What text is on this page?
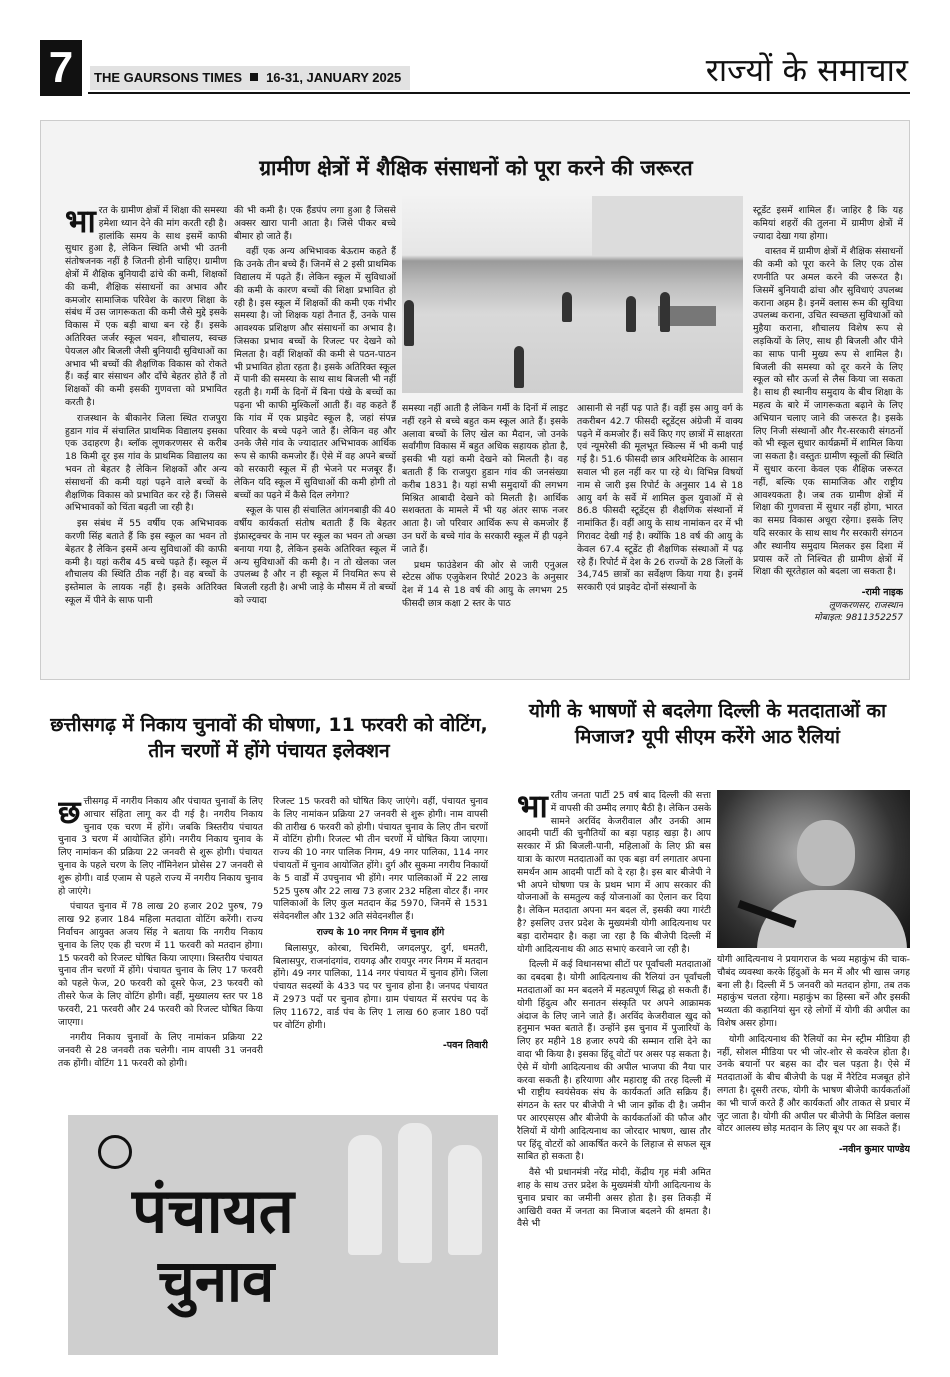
7	THE GAURSONS TIMES 16-31, JANUARY 2025	राज्यों के समाचार
ग्रामीण क्षेत्रों में शैक्षिक संसाधनों को पूरा करने की जरूरत

भारत के ग्रामीण क्षेत्रों में शिक्षा की समस्या हमेशा ध्यान देने की मांग करती रही है। हालांकि समय के साथ इसमें काफी सुधार हुआ है, लेकिन स्थिति अभी भी उतनी संतोषजनक नहीं है जितनी होनी चाहिए। ग्रामीण क्षेत्रों में शैक्षिक बुनियादी ढांचे की कमी, शिक्षकों की कमी, शैक्षिक संसाधनों का अभाव और कमजोर सामाजिक परिवेश के कारण शिक्षा के संबंध में उस जागरूकता की कमी जैसे मुद्दे इसके विकास में एक बड़ी बाधा बन रहे हैं। इसके अतिरिक्त जर्जर स्कूल भवन, शौचालय, स्वच्छ पेयजल और बिजली जैसी बुनियादी सुविधाओं का अभाव भी बच्चों की शैक्षणिक विकास को रोकते हैं। कई बार संसाधन और दाँचे बेहतर होते हैं तो शिक्षकों की कमी इसकी गुणवत्ता को प्रभावित करती है।

राजस्थान के बीकानेर जिला स्थित राजपुरा हुडान गांव में संचालित प्राथमिक विद्यालय इसका एक उदाहरण है। ब्लॉक लूणकरणसर से करीब 18 किमी दूर इस गांव के प्राथमिक विद्यालय का भवन तो बेहतर है लेकिन शिक्षकों और अन्य संसाधनों की कमी यहां पढ़ने वाले बच्चों के शैक्षणिक विकास को प्रभावित कर रहे हैं। जिससे अभिभावकों को चिंता बढ़ती जा रही है।

इस संबंध में 55 वर्षीय एक अभिभावक करणी सिंह बताते हैं कि इस स्कूल का भवन तो बेहतर है लेकिन इसमें अन्य सुविधाओं की काफी कमी है। यहां करीब 45 बच्चे पढ़ते हैं। स्कूल में शौचालय की स्थिति ठीक नहीं है। वह बच्चों के इस्तेमाल के लायक नहीं है। इसके अतिरिक्त स्कूल में पीने के साफ पानी

की भी कमी है। एक हैंडपंप लगा हुआ है जिससे अक्सर खारा पानी आता है। जिसे पीकर बच्चे बीमार हो जाते हैं।

वहीं एक अन्य अभिभावक बेऊराम कहते हैं कि उनके तीन बच्चे हैं। जिनमें से 2 इसी प्राथमिक विद्यालय में पढ़ते हैं। लेकिन स्कूल में सुविधाओं की कमी के कारण बच्चों की शिक्षा प्रभावित हो रही है। इस स्कूल में शिक्षकों की कमी एक गंभीर समस्या है। जो शिक्षक यहां तैनात हैं, उनके पास आवश्यक प्रशिक्षण और संसाधनों का अभाव है। जिसका प्रभाव बच्चों के रिजल्ट पर देखने को मिलता है। वहीं शिक्षकों की कमी से पठन-पाठन भी प्रभावित होता रहता है। इसके अतिरिक्त स्कूल में पानी की समस्या के साथ साथ बिजली भी नहीं रहती है। गर्मी के दिनों में बिना पंखे के बच्चों का पढ़ना भी काफी मुश्किलों आती हैं। वह कहते हैं कि गांव में एक प्राइवेट स्कूल है, जहां संपन्न परिवार के बच्चे पढ़ने जाते हैं। लेकिन वह और उनके जैसे गांव के ज्यादातर अभिभावक आर्थिक रूप से काफी कमजोर हैं। ऐसे में वह अपने बच्चों को सरकारी स्कूल में ही भेजने पर मजबूर हैं। लेकिन यदि स्कूल में सुविधाओं की कमी होगी तो बच्चों का पढ़ने में कैसे दिल लगेगा?

स्कूल के पास ही संचालित आंगनबाड़ी की 40 वर्षीय कार्यकर्ता संतोष बताती हैं कि बेहतर इंफ्रास्ट्रक्चर के नाम पर स्कूल का भवन तो अच्छा बनाया गया है, लेकिन इसके अतिरिक्त स्कूल में अन्य सुविधाओं की कमी है। न तो खेलका जल उपलब्ध है और न ही स्कूल में नियमित रूप से बिजली रहती है। अभी जाड़े के मौसम में तो बच्चों को ज्यादा

समस्या नहीं आती है लेकिन गर्मी के दिनों में लाइट नहीं रहने से बच्चे बहुत कम स्कूल आते हैं। इसके अलावा बच्चों के लिए खेल का मैदान, जो उनके सर्वांगीण विकास में बहुत अधिक सहायक होता है, इसकी भी यहां कमी देखने को मिलती है। वह बताती हैं कि राजपुरा हुडान गांव की जनसंख्या करीब 1831 है। यहां सभी समुदायों की लगभग मिश्रित आबादी देखने को मिलती है। आर्थिक सशक्तता के मामले में भी यह अंतर साफ नजर आता है। जो परिवार आर्थिक रूप से कमजोर हैं उन घरों के बच्चे गांव के सरकारी स्कूल में ही पढ़ने जाते हैं।

प्रथम फाउंडेशन की ओर से जारी एनुअल स्टेटस ऑफ एजुकेशन रिपोर्ट 2023 के अनुसार देश में 14 से 18 वर्ष की आयु के लगभग 25 फीसदी छात्र कक्षा 2 स्तर के पाठ

आसानी से नहीं पढ़ पाते हैं। वहीं इस आयु वर्ग के तकरीबन 42.7 फीसदी स्टूडेंट्स अंग्रेजी में वाक्य पढ़ने में कमजोर हैं। सर्वे किए गए छात्रों में साक्षरता एवं न्यूमरेसी की मूलभूत स्किल्स में भी कमी पाई गई है। 51.6 फीसदी छात्र अरिथमेटिक के आसान सवाल भी हल नहीं कर पा रहे थे। विभिन्न विषयों नाम से जारी इस रिपोर्ट के अनुसार 14 से 18 आयु वर्ग के सर्वे में शामिल कुल युवाओं में से 86.8 फीसदी स्टूडेंट्स ही शैक्षणिक संस्थानों में नामांकित हैं। वहीं आयु के साथ नामांकन दर में भी गिरावट देखी गई है। क्योंकि 18 वर्ष की आयु के केवल 67.4 स्टूडेंट ही शैक्षणिक संस्थाओं में पढ़ रहे हैं। रिपोर्ट में देश के 26 राज्यों के 28 जिलों के 34,745 छात्रों का सर्वेक्षण किया गया है। इनमें सरकारी एवं प्राइवेट दोनों संस्थानों के

स्टूडेंट इसमें शामिल हैं। जाहिर है कि यह कमियां शहरों की तुलना में ग्रामीण क्षेत्रों में ज्यादा देखा गया होगा।

वास्तव में ग्रामीण क्षेत्रों में शैक्षिक संसाधनों की कमी को पूरा करने के लिए एक ठोस रणनीति पर अमल करने की जरूरत है। जिसमें बुनियादी ढांचा और सुविधाएं उपलब्ध कराना अहम है। इनमें क्लास रूम की सुविधा उपलब्ध कराना, उचित स्वच्छता सुविधाओं को मुहैया कराना, शौचालय विशेष रूप से लड़कियों के लिए, साथ ही बिजली और पीने का साफ पानी मुख्य रूप से शामिल है। बिजली की समस्या को दूर करने के लिए स्कूल को सौर ऊर्जा से लैस किया जा सकता है। साथ ही स्थानीय समुदाय के बीच शिक्षा के महत्व के बारे में जागरूकता बढ़ाने के लिए अभियान चलाए जाने की जरूरत है। इसके लिए निजी संस्थानों और गैर-सरकारी संगठनों को भी स्कूल सुधार कार्यक्रमों में शामिल किया जा सकता है। वस्तुतः ग्रामीण स्कूलों की स्थिति में सुधार करना केवल एक शैक्षिक जरूरत नहीं, बल्कि एक सामाजिक और राष्ट्रीय आवश्यकता है। जब तक ग्रामीण क्षेत्रों में शिक्षा की गुणवत्ता में सुधार नहीं होगा, भारत का समग्र विकास अधूरा रहेगा। इसके लिए यदि सरकार के साथ साथ गैर सरकारी संगठन और स्थानीय समुदाय मिलकर इस दिशा में प्रयास करें तो निश्चित ही ग्रामीण क्षेत्रों में शिक्षा की सूरतेहाल को बदला जा सकता है।

-रामी नाइक
लूणकरणसर, राजस्थान
मोबाइल: 9811352257
छत्तीसगढ़ में निकाय चुनावों की घोषणा, 11 फरवरी को वोटिंग, तीन चरणों में होंगे पंचायत इलेक्शन

छत्तीसगढ़ में नगरीय निकाय और पंचायत चुनावों के लिए आचार संहिता लागू कर दी गई है। नगरीय निकाय चुनाव एक चरण में होंगे। जबकि त्रिस्तरीय पंचायत चुनाव 3 चरण में आयोजित होंगे। नगरीय निकाय चुनाव के लिए नामांकन की प्रक्रिया 22 जनवरी से शुरू होगी। पंचायत चुनाव के पहले चरण के लिए नॉमिनेशन प्रोसेस 27 जनवरी से शुरू होगी। वार्ड एजाम से पहले राज्य में नगरीय निकाय चुनाव हो जाएंगे।

पंचायत चुनाव में 78 लाख 20 हजार 202 पुरुष, 79 लाख 92 हजार 184 महिला मतदाता वोटिंग करेंगी। राज्य निर्वाचन आयुक्त अजय सिंह ने बताया कि नगरीय निकाय चुनाव के लिए एक ही चरण में 11 फरवरी को मतदान होगा। 15 फरवरी को रिजल्ट घोषित किया जाएगा। त्रिस्तरीय पंचायत चुनाव तीन चरणों में होंगे। पंचायत चुनाव के लिए 17 फरवरी को पहले फेज, 20 फरवरी को दूसरे फेज, 23 फरवरी को तीसरे फेज के लिए वोटिंग होगी। वहीं, मुख्यालय स्तर पर 18 फरवरी, 21 फरवरी और 24 फरवरी को रिजल्ट घोषित किया जाएगा।

नगरीय निकाय चुनावों के लिए नामांकन प्रक्रिया 22 जनवरी से 28 जनवरी तक चलेगी। नाम वापसी 31 जनवरी तक होंगी। वोटिंग 11 फरवरी को होगी।

रिजल्ट 15 फरवरी को घोषित किए जाएंगे। वहीं, पंचायत चुनाव के लिए नामांकन प्रक्रिया 27 जनवरी से शुरू होगी। नाम वापसी की तारीख 6 फरवरी को होगी। पंचायत चुनाव के लिए तीन चरणों में वोटिंग होगी। रिजल्ट भी तीन चरणों में घोषित किया जाएगा। राज्य की 10 नगर पालिक निगम, 49 नगर पालिका, 114 नगर पंचायतों में चुनाव आयोजित होंगे। दुर्ग और सुकमा नगरीय निकायों के 5 वार्डों में उपचुनाव भी होंगे। नगर पालिकाओं में 22 लाख 525 पुरुष और 22 लाख 73 हजार 232 महिला वोटर हैं। नगर पालिकाओं के लिए कुल मतदान केंद्र 5970, जिनमें से 1531 संवेदनशील और 132 अति संवेदनशील हैं।

राज्य के 10 नगर निगम में चुनाव होंगे

बिलासपुर, कोरबा, चिरमिरी, जगदलपुर, दुर्ग, धमतरी, बिलासपुर, राजनांदगांव, रायगढ़ और रायपुर नगर निगम में मतदान होंगे। 49 नगर पालिका, 114 नगर पंचायत में चुनाव होंगे। जिला पंचायत सदस्यों के 433 पद पर चुनाव होना है। जनपद पंचायत में 2973 पदों पर चुनाव होगा। ग्राम पंचायत में सरपंच पद के लिए 11672, वार्ड पंच के लिए 1 लाख 60 हजार 180 पदों पर वोटिंग होगी।

-पवन तिवारी
पंचायत
चुनाव
योगी के भाषणों से बदलेगा दिल्ली के मतदाताओं का मिजाज? यूपी सीएम करेंगे आठ रैलियां

भारतीय जनता पार्टी 25 वर्ष बाद दिल्ली की सत्ता में वापसी की उम्मीद लगाए बैठी है। लेकिन उसके सामने अरविंद केजरीवाल और उनकी आम आदमी पार्टी की चुनौतियों का बड़ा पहाड़ खड़ा है। आप सरकार में फ्री बिजली-पानी, महिलाओं के लिए फ्री बस यात्रा के कारण मतदाताओं का एक बड़ा वर्ग लगातार अपना समर्थन आम आदमी पार्टी को दे रहा है। इस बार बीजेपी ने भी अपने घोषणा पत्र के प्रथम भाग में आप सरकार की योजनाओं के समतुल्य कई योजनाओं का ऐलान कर दिया है। लेकिन मतदाता अपना मन बदल लें, इसकी क्या गारंटी है? इसलिए उत्तर प्रदेश के मुख्यमंत्री योगी आदित्यनाथ पर बड़ा दारोमदार है। कहा जा रहा है कि बीजेपी दिल्ली में योगी आदित्यनाथ की आठ सभाएं करवाने जा रही है।

दिल्ली में कई विधानसभा सीटों पर पूर्वांचली मतदाताओं का दबदबा है। योगी आदित्यनाथ की रैलियां उन पूर्वांचली मतदाताओं का मन बदलने में महत्वपूर्ण सिद्ध हो सकती हैं। योगी हिंदुत्व और सनातन संस्कृति पर अपने आक्रामक अंदाज के लिए जाने जाते हैं। अरविंद केजरीवाल खुद को हनुमान भक्त बताते हैं। उन्होंने इस चुनाव में पुजारियों के लिए हर महीने 18 हजार रुपये की सम्मान राशि देने का वादा भी किया है। इसका हिंदू वोटों पर असर पड़ सकता है। ऐसे में योगी आदित्यनाथ की अपील भाजपा की नैया पार करवा सकती है। हरियाणा और महाराष्ट्र की तरह दिल्ली में भी राष्ट्रीय स्वयंसेवक संघ के कार्यकर्ता अति सक्रिय हैं। संगठन के स्तर पर बीजेपी ने भी जान झोंक दी है। जमीन पर आरएसएस और बीजेपी के कार्यकर्ताओं की फौज और रैलियों में योगी आदित्यनाथ का जोरदार भाषण, खास तौर पर हिंदू वोटरों को आकर्षित करने के लिहाज से सफल सूत्र साबित हो सकता है।

वैसे भी प्रधानमंत्री नरेंद्र मोदी, केंद्रीय गृह मंत्री अमित शाह के साथ उत्तर प्रदेश के मुख्यमंत्री योगी आदित्यनाथ के चुनाव प्रचार का जमीनी असर होता है। इस तिकड़ी में आखिरी वक्त में जनता का मिजाज बदलने की क्षमता है। वैसे भी

योगी आदित्यनाथ ने प्रयागराज के भव्य महाकुंभ की चाक-चौबंद व्यवस्था करके हिंदुओं के मन में और भी खास जगह बना ली है। दिल्ली में 5 जनवरी को मतदान होगा, तब तक महाकुंभ चलता रहेगा। महाकुंभ का हिस्सा बनें और इसकी भव्यता की कहानियां सुन रहे लोगों में योगी की अपील का विशेष असर होगा।

योगी आदित्यनाथ की रैलियों का मेन स्ट्रीम मीडिया ही नहीं, सोशल मीडिया पर भी जोर-शोर से कवरेज होता है। उनके बयानों पर बहस का दौर चल पड़ता है। ऐसे में मतदाताओं के बीच बीजेपी के पक्ष में नैरेटिव मजबूत होने लगता है। दूसरी तरफ, योगी के भाषण बीजेपी कार्यकर्ताओं का भी चार्ज करते हैं और कार्यकर्ता और ताकत से प्रचार में जुट जाता है। योगी की अपील पर बीजेपी के मिडिल क्लास वोटर आलस्य छोड़ मतदान के लिए बूथ पर आ सकते हैं।

-नवीन कुमार पाण्डेय
